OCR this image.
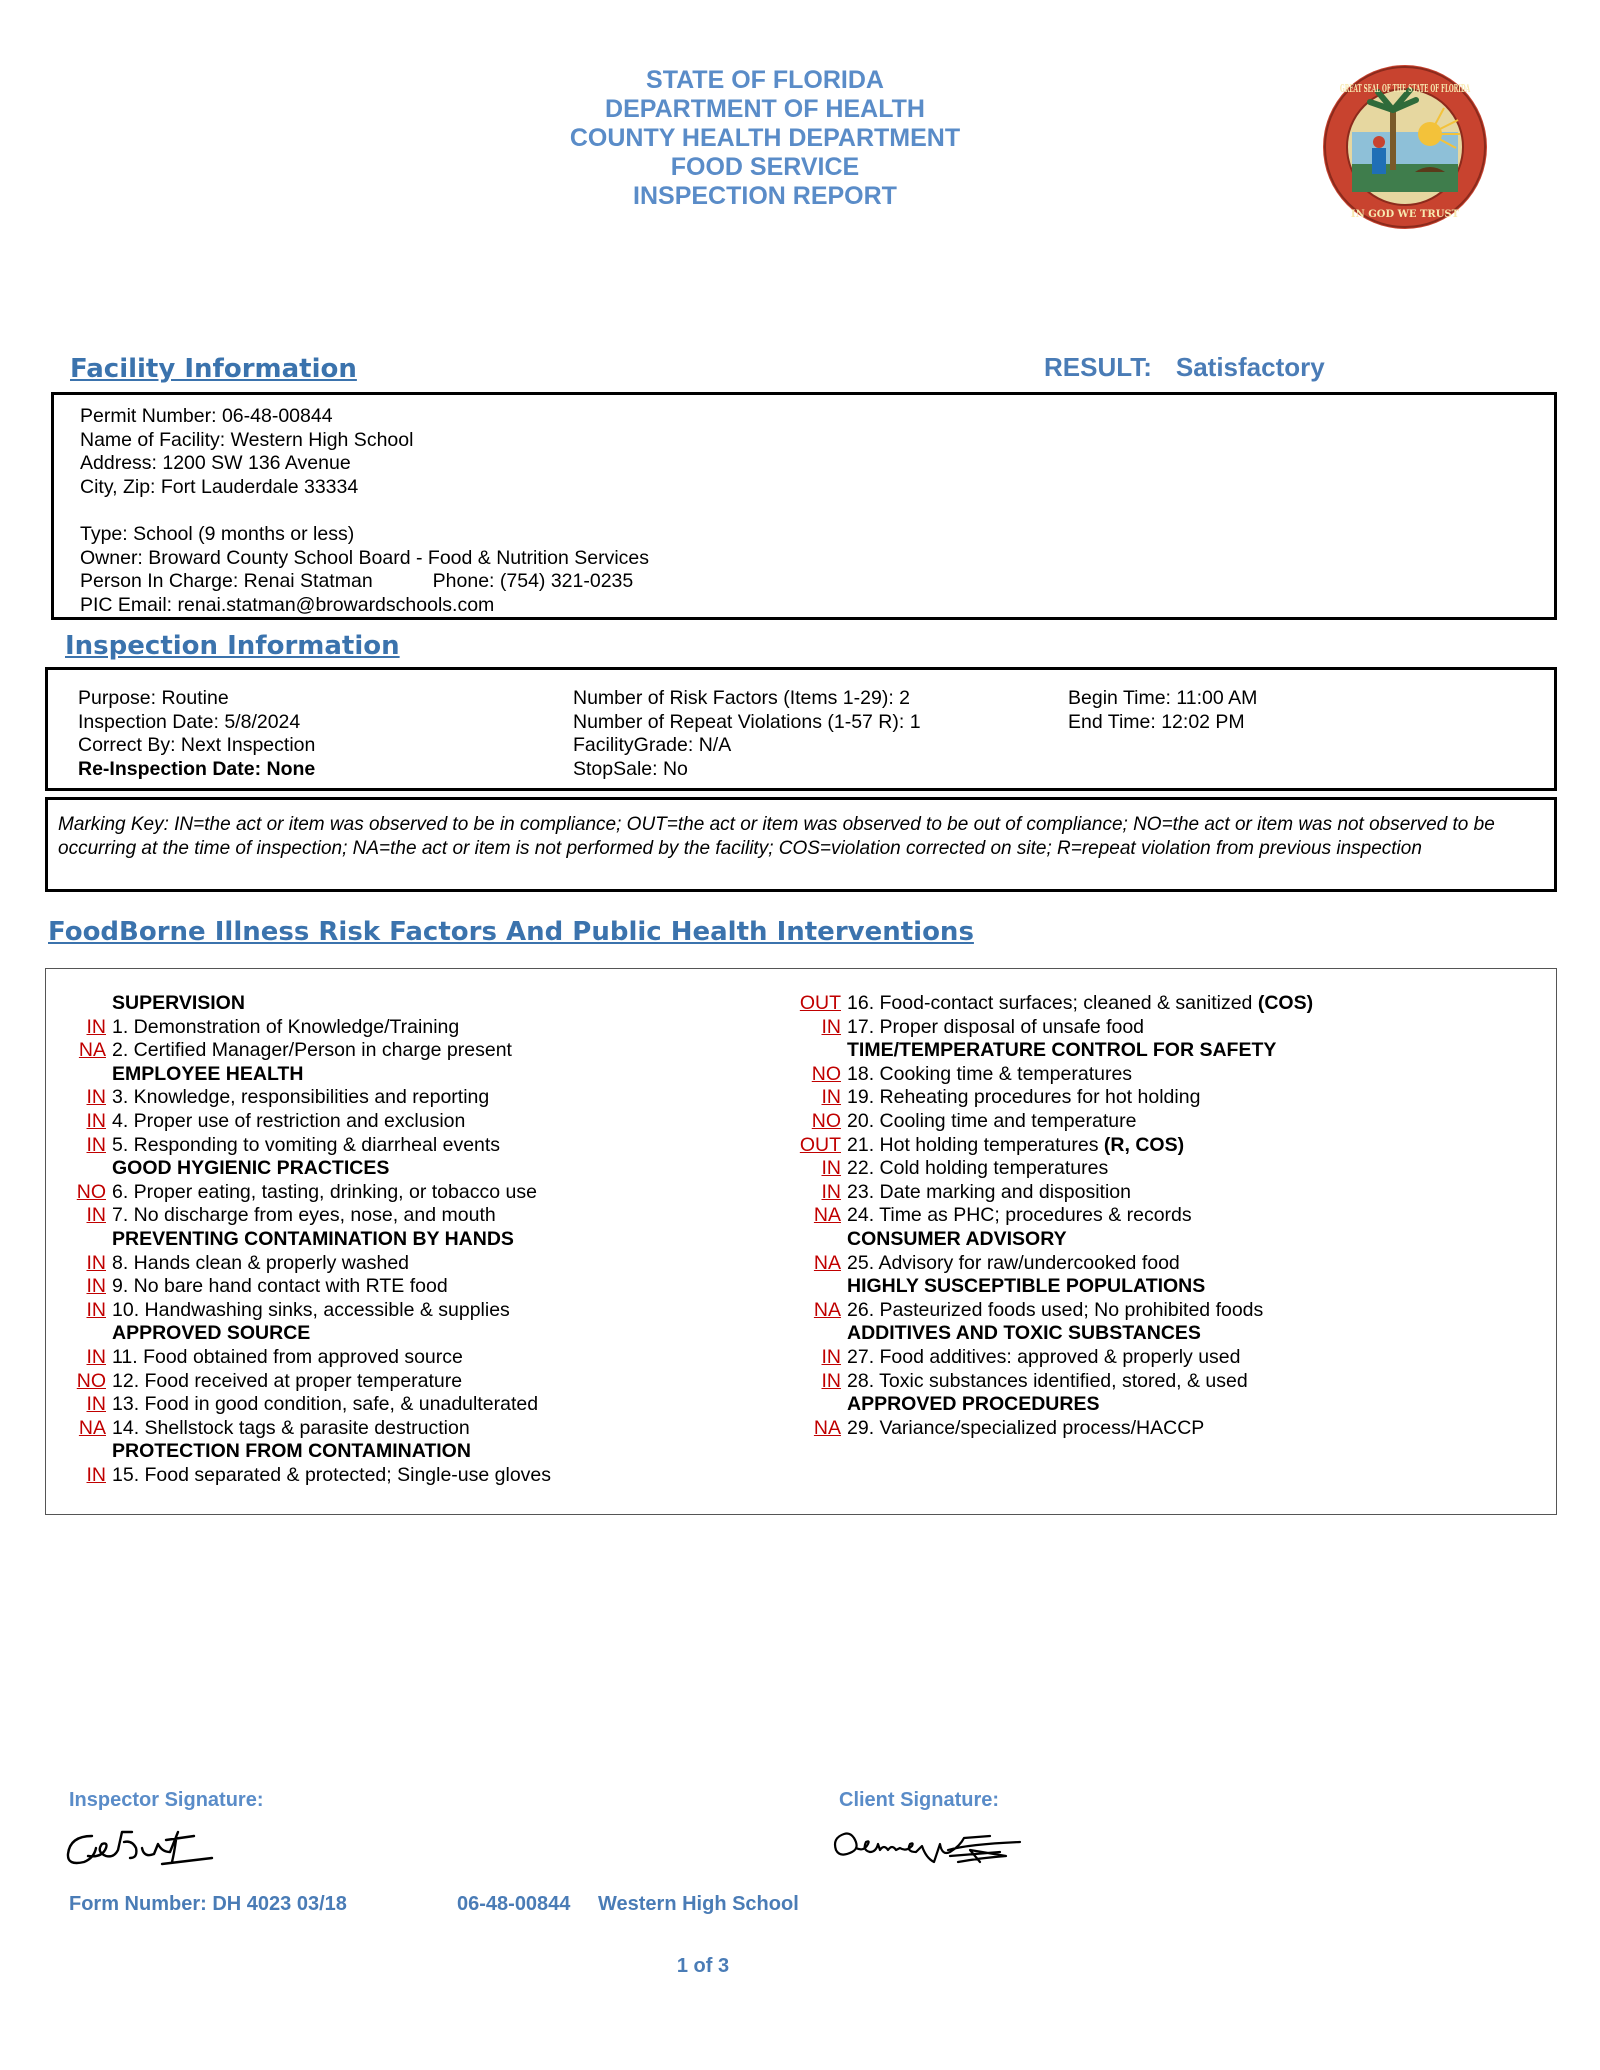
STATE OF FLORIDA
DEPARTMENT OF HEALTH
COUNTY HEALTH DEPARTMENT
FOOD SERVICE
INSPECTION REPORT
GREAT SEAL OF THE STATE OF FLORIDA
IN GOD WE TRUST
Facility Information	RESULT: Satisfactory
Permit Number: 06-48-00844
Name of Facility: Western High School
Address: 1200 SW 136 Avenue
City, Zip: Fort Lauderdale 33334
Type: School (9 months or less)
Owner: Broward County School Board - Food & Nutrition Services
Person In Charge: Renai Statman	Phone: (754) 321-0235
PIC Email: renai.statman@browardschools.com
Inspection Information
Purpose: Routine
Inspection Date: 5/8/2024
Correct By: Next Inspection
Re-Inspection Date: None
Number of Risk Factors (Items 1-29): 2
Number of Repeat Violations (1-57 R): 1
FacilityGrade: N/A
StopSale: No
Begin Time: 11:00 AM
End Time: 12:02 PM
Marking Key: IN=the act or item was observed to be in compliance; OUT=the act or item was observed to be out of compliance; NO=the act or item was not observed to be occurring at the time of inspection; NA=the act or item is not performed by the facility; COS=violation corrected on site; R=repeat violation from previous inspection
FoodBorne Illness Risk Factors And Public Health Interventions
SUPERVISION
IN 1. Demonstration of Knowledge/Training
NA 2. Certified Manager/Person in charge present
EMPLOYEE HEALTH
IN 3. Knowledge, responsibilities and reporting
IN 4. Proper use of restriction and exclusion
IN 5. Responding to vomiting & diarrheal events
GOOD HYGIENIC PRACTICES
NO 6. Proper eating, tasting, drinking, or tobacco use
IN 7. No discharge from eyes, nose, and mouth
PREVENTING CONTAMINATION BY HANDS
IN 8. Hands clean & properly washed
IN 9. No bare hand contact with RTE food
IN 10. Handwashing sinks, accessible & supplies
APPROVED SOURCE
IN 11. Food obtained from approved source
NO 12. Food received at proper temperature
IN 13. Food in good condition, safe, & unadulterated
NA 14. Shellstock tags & parasite destruction
PROTECTION FROM CONTAMINATION
IN 15. Food separated & protected; Single-use gloves
OUT 16. Food-contact surfaces; cleaned & sanitized (COS)
IN 17. Proper disposal of unsafe food
TIME/TEMPERATURE CONTROL FOR SAFETY
NO 18. Cooking time & temperatures
IN 19. Reheating procedures for hot holding
NO 20. Cooling time and temperature
OUT 21. Hot holding temperatures (R, COS)
IN 22. Cold holding temperatures
IN 23. Date marking and disposition
NA 24. Time as PHC; procedures & records
CONSUMER ADVISORY
NA 25. Advisory for raw/undercooked food
HIGHLY SUSCEPTIBLE POPULATIONS
NA 26. Pasteurized foods used; No prohibited foods
ADDITIVES AND TOXIC SUBSTANCES
IN 27. Food additives: approved & properly used
IN 28. Toxic substances identified, stored, & used
APPROVED PROCEDURES
NA 29. Variance/specialized process/HACCP
Inspector Signature:	Client Signature:
Form Number: DH 4023 03/18	06-48-00844 Western High School
1 of 3
